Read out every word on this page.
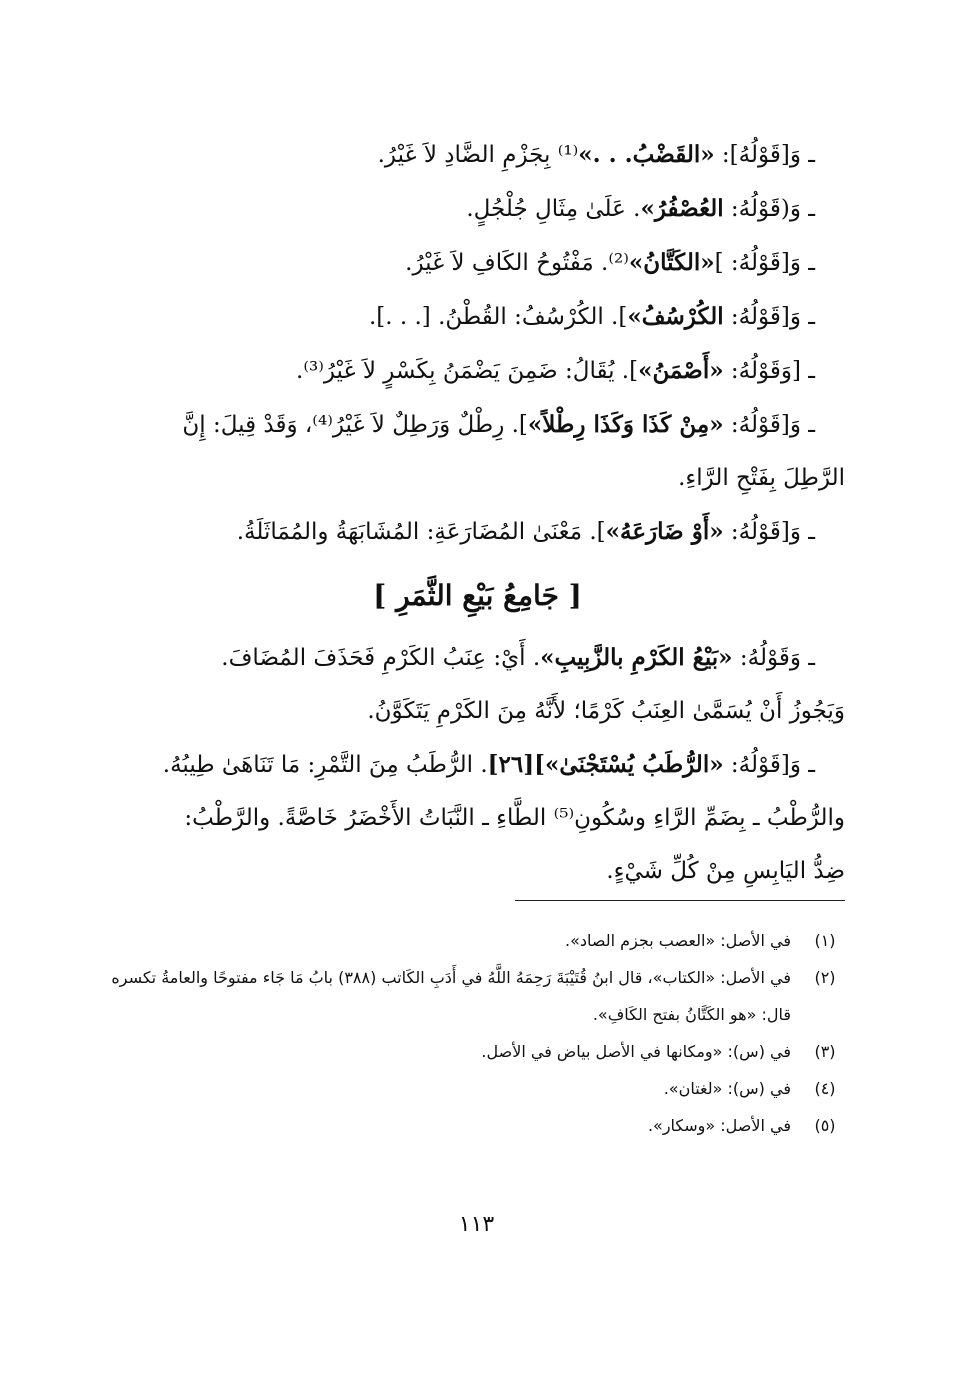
ـ وَ[قَوْلُهُ]: «القَضْبُ. . .»⁽¹⁾ بِجَزْمِ الضَّادِ لاَ غَيْرُ.
ـ وَ(قَوْلُهُ: العُصْفُرُ». عَلَىٰ مِثَالِ جُلْجُلٍ.
ـ وَ[قَوْلُهُ: ]«الكَتَّانُ»⁽²⁾. مَفْتُوحُ الكَافِ لاَ غَيْرُ.
ـ وَ[قَوْلُهُ: الكُرْسُفُ»]. الكُرْسُفُ: القُطْنُ. [. . .].
ـ [وَقَوْلُهُ: «أَصْمَنُ»]. يُقَالُ: ضَمِنَ يَضْمَنُ بِكَسْرٍ لاَ غَيْرُ⁽³⁾.
ـ وَ[قَوْلُهُ: «مِنْ كَذَا وَكَذَا رِطْلاً»]. رِطْلٌ وَرَطِلٌ لاَ غَيْرُ⁽⁴⁾، وَقَدْ قِيلَ: إِنَّ
الرَّطِلَ بِفَتْحِ الرَّاءِ.
ـ وَ[قَوْلُهُ: «أَوْ ضَارَعَهُ»]. مَعْنَىٰ المُضَارَعَةِ: المُشَابَهَةُ والمُمَاثَلَةُ.
[ جَامِعُ بَيْعِ الثَّمَرِ ]
ـ وَقَوْلُهُ: «بَيْعُ الكَرْمِ بالزَّبِيبِ». أَيْ: عِنَبُ الكَرْمِ فَحَذَفَ المُضَافَ.
وَيَجُوزُ أَنْ يُسَمَّىٰ العِنَبُ كَرْمًا؛ لأَنَّهُ مِنَ الكَرْمِ يَتَكَوَّنُ.
ـ وَ[قَوْلُهُ: «الرُّطَبُ يُسْتَجْنَىٰ»][٢٦]. الرُّطَبُ مِنَ التَّمْرِ: مَا تَنَاهَىٰ طِيبُهُ.
والرُّطْبُ ـ بِضَمِّ الرَّاءِ وسُكُونِ⁽⁵⁾ الطَّاءِ ـ النَّبَاتُ الأَخْضَرُ خَاصَّةً. والرَّطْبُ:
ضِدُّ اليَابِسِ مِنْ كُلِّ شَيْءٍ.
(١)
في الأصل: «العصب بجزم الصاد».
(٢)
في الأصل: «الكتاب»، قال ابنُ قُتَيْبَةَ رَحِمَهُ اللَّهُ في أَدَبِ الكَاتب (٣٨٨) بابُ مَا جَاء مفتوحًا والعامةُ تكسره قال: «هو الكَتَّانُ بفتح الكَافِ».
(٣)
في (س): «ومكانها في الأصل بياض في الأصل.
(٤)
في (س): «لغتان».
(٥)
في الأصل: «وسكار».
١١٣
